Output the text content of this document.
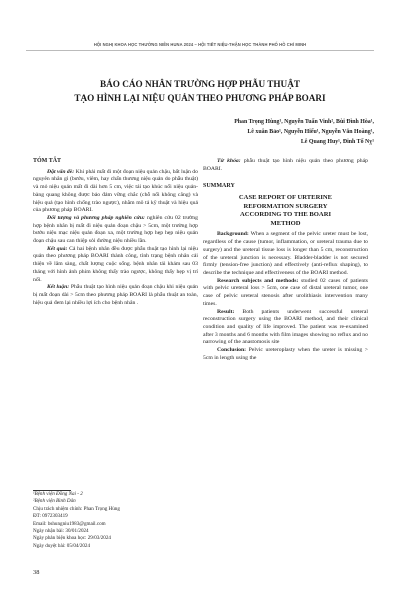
HỘI NGHỊ KHOA HỌC THƯỜNG NIÊN HUNA 2024 – HỘI TIẾT NIỆU-THẬN HỌC THÀNH PHỐ HỒ CHÍ MINH
BÁO CÁO NHÂN TRƯỜNG HỢP PHẪU THUẬT
TẠO HÌNH LẠI NIỆU QUẢN THEO PHƯƠNG PHÁP BOARI
Phan Trọng Hùng¹, Nguyễn Tuấn Vinh², Bùi Đình Hòa¹,
Lê xuân Bảo¹, Nguyễn Hiếu¹, Nguyễn Văn Hoàng¹,
Lê Quang Huy¹, Đinh Tố Nỵ¹
TÓM TẮT

Đặt vấn đề: Khi phải mất đi một đoạn niệu quản chậu, bất luận do nguyên nhân gì (bướu, viêm, hay chấn thương niệu quản do phẫu thuật) và mỏ niệu quản mất đi dài hơn 5 cm, việc tái tạo khúc nối niệu quản-bàng quang không được bảo đảm vững chắc (chỗ nối không căng) và hiệu quả (tạo hình chống trào ngược), nhằm mô tả kỹ thuật và hiệu quả của phương pháp BOARI.

Đối tượng và phương pháp nghiên cứu: nghiên cứu 02 trường hợp bệnh nhân bị mất đi niệu quản đoạn chậu > 5cm, một trường hợp bướu niệu mạc niệu quản đoạn xa, một trường hợp hẹp hẹp niệu quản đoạn chậu sau can thiệp sỏi đường niệu nhiều lần.

Kết quả: Cả hai bệnh nhân đều được phẫu thuật tạo hình lại niệu quản theo phương pháp BOARI thành công, tình trạng bệnh nhân cải thiện về lâm sàng, chất lượng cuộc sống. bệnh nhân tái khám sau 03 tháng với hình ảnh phim không thấy trào ngược, không thấy hẹp vị trí nối.

Kết luận: Phẫu thuật tạo hình niệu quản đoạn chậu khi niệu quản bị mất đoạn dài > 5cm theo phương pháp BOARI là phẫu thuật an toàn, hiệu quả đem lại nhiều lợi ích cho bệnh nhân .

Từ khóa: phẫu thuật tạo hình niệu quản theo phương pháp BOARI.

SUMMARY
CASE REPORT OF URTERINE
REFORMATION SURGERY
ACCORDING TO THE BOARI
METHOD

Background: When a segment of the pelvic ureter must be lost, regardless of the cause (tumor, inflammation, or ureteral trauma due to surgery) and the ureteral tissue loss is longer than 5 cm, reconstruction of the ureteral junction is necessary. Bladder-bladder is not secured firmly (tension-free junction) and effectively (anti-reflux shaping), to describe the technique and effectiveness of the BOARI method.

Research subjects and methods: studied 02 cases of patients with pelvic ureteral loss > 5cm, one case of distal ureteral tumor, one case of pelvic ureteral stenosis after urolithiasis intervention many times.

Result: Both patients underwent successful ureteral reconstruction surgery using the BOARI method, and their clinical condition and quality of life improved. The patient was re-examined after 3 months and 6 months with film images showing no reflux and no narrowing of the anastomosis site

Conclusion: Pelvic ureteroplasty when the ureter is missing > 5cm in length using the

¹Bệnh viện Đồng Nai - 2
²Bệnh viện Bình Dân
Chịu trách nhiệm chính: Phan Trọng Hùng
ĐT: 0972303419
Email: bshungniu1983@gmail.com
Ngày nhận bài: 30/01/2024
Ngày phản biện khoa học: 29/03/2024
Ngày duyệt bài: 05/04/2024
38
